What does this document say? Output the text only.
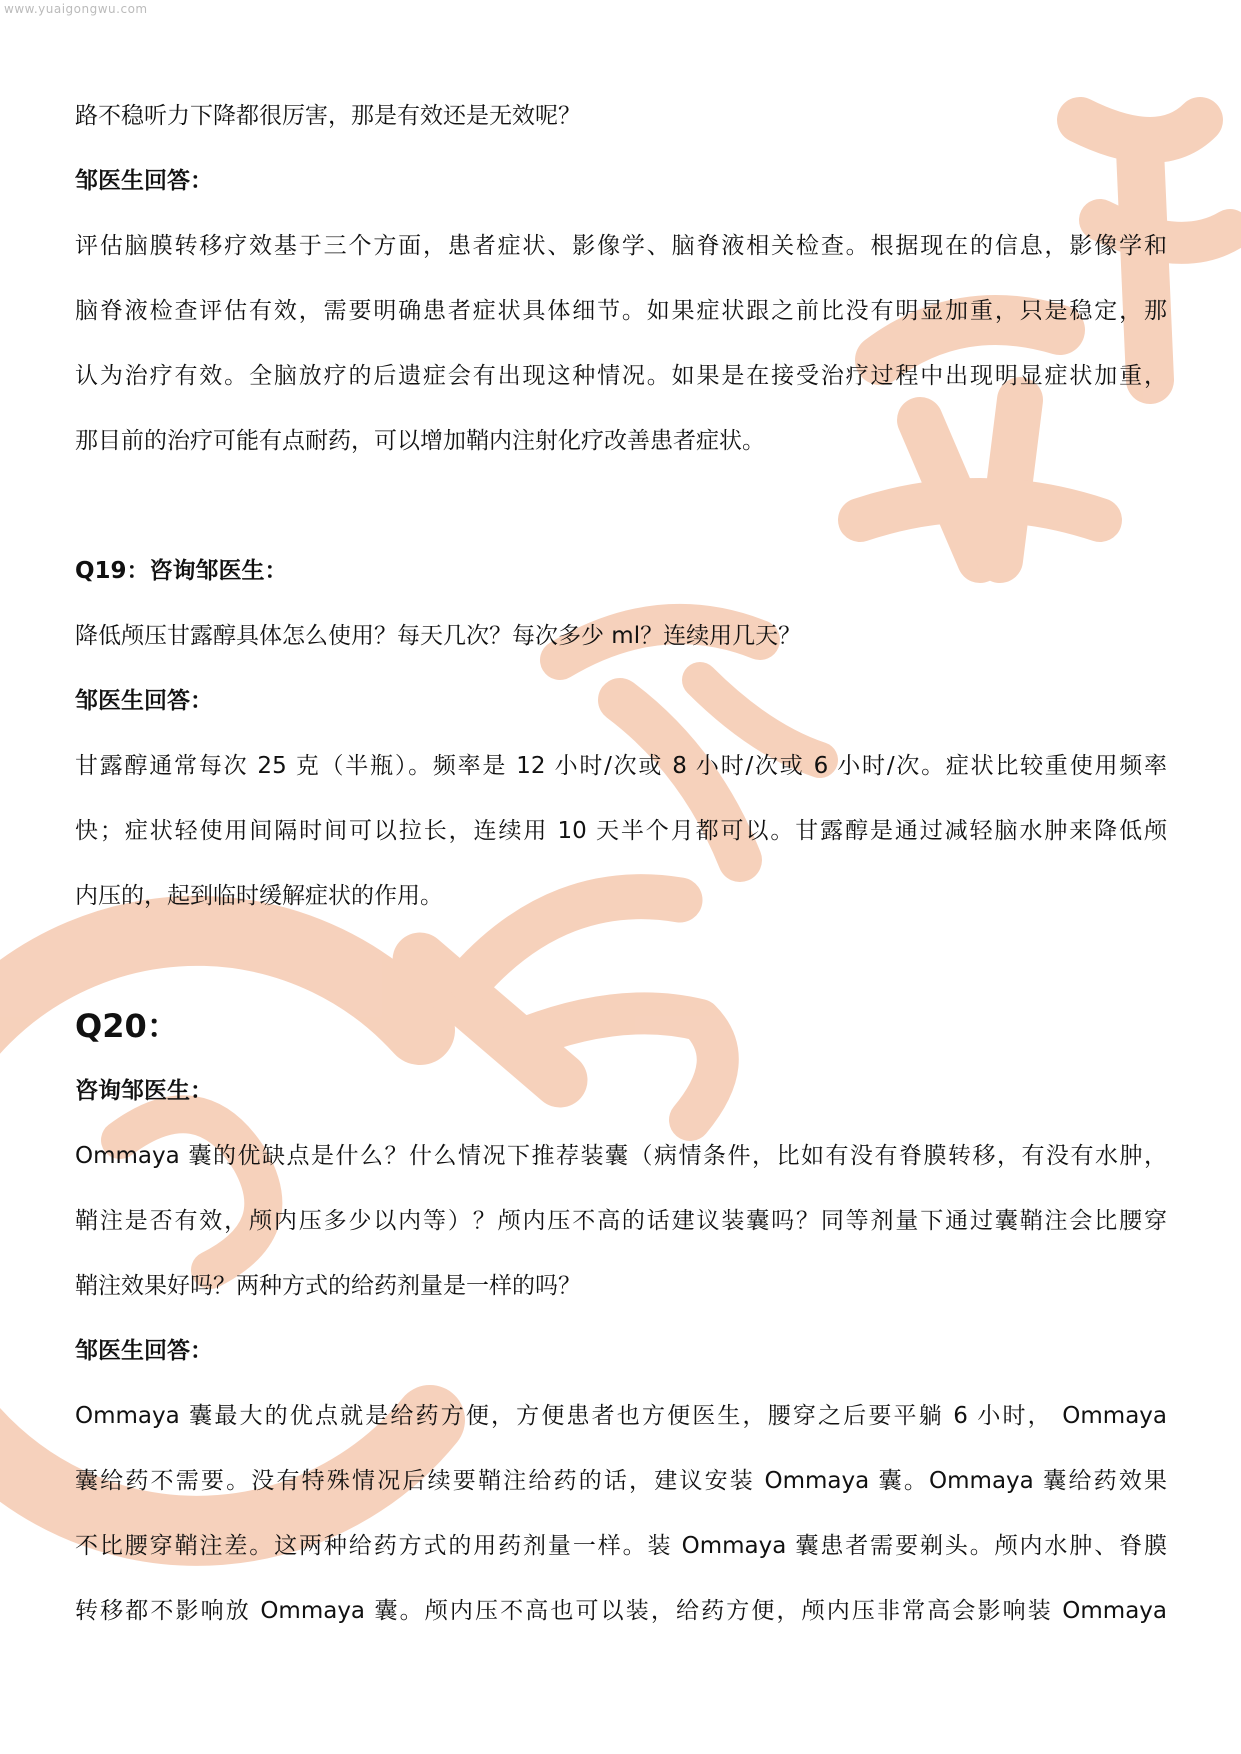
www.yuaigongwu.com

路不稳听力下降都很厉害，那是有效还是无效呢？

邹医生回答：

评估脑膜转移疗效基于三个方面，患者症状、影像学、脑脊液相关检查。根据现在的信息，影像学和

脑脊液检查评估有效，需要明确患者症状具体细节。如果症状跟之前比没有明显加重，只是稳定，那

认为治疗有效。全脑放疗的后遗症会有出现这种情况。如果是在接受治疗过程中出现明显症状加重，

那目前的治疗可能有点耐药，可以增加鞘内注射化疗改善患者症状。

Q19：咨询邹医生：

降低颅压甘露醇具体怎么使用？每天几次？每次多少 ml？连续用几天？

邹医生回答：

甘露醇通常每次 25 克（半瓶）。频率是 12 小时/次或 8 小时/次或 6 小时/次。症状比较重使用频率

快；症状轻使用间隔时间可以拉长，连续用 10 天半个月都可以。甘露醇是通过减轻脑水肿来降低颅

内压的，起到临时缓解症状的作用。

Q20：

咨询邹医生：

Ommaya 囊的优缺点是什么？什么情况下推荐装囊（病情条件，比如有没有脊膜转移，有没有水肿，

鞘注是否有效，颅内压多少以内等）？颅内压不高的话建议装囊吗？同等剂量下通过囊鞘注会比腰穿

鞘注效果好吗？两种方式的给药剂量是一样的吗？

邹医生回答：

Ommaya 囊最大的优点就是给药方便，方便患者也方便医生，腰穿之后要平躺 6 小时， Ommaya

囊给药不需要。没有特殊情况后续要鞘注给药的话，建议安装 Ommaya 囊。Ommaya 囊给药效果

不比腰穿鞘注差。这两种给药方式的用药剂量一样。装 Ommaya 囊患者需要剃头。颅内水肿、脊膜

转移都不影响放 Ommaya 囊。颅内压不高也可以装，给药方便，颅内压非常高会影响装 Ommaya
